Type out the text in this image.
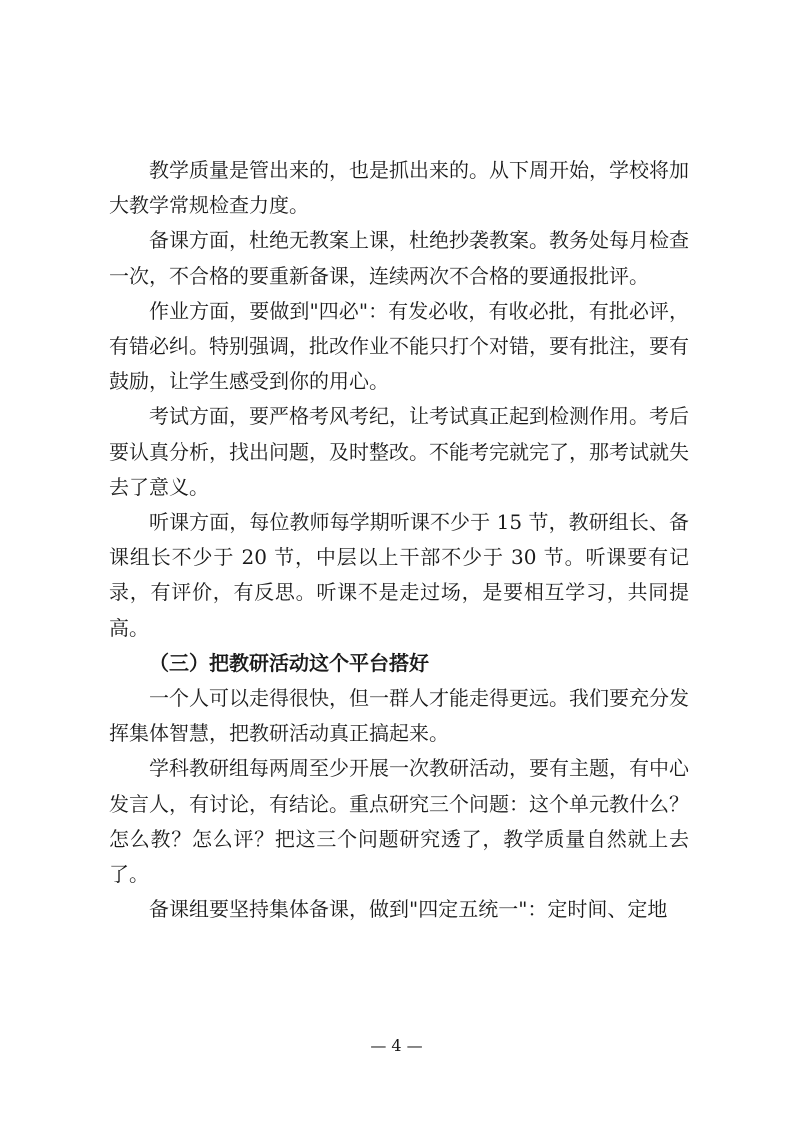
教学质量是管出来的，也是抓出来的。从下周开始，学校将加大教学常规检查力度。

备课方面，杜绝无教案上课，杜绝抄袭教案。教务处每月检查一次，不合格的要重新备课，连续两次不合格的要通报批评。

作业方面，要做到"四必"：有发必收，有收必批，有批必评，有错必纠。特别强调，批改作业不能只打个对错，要有批注，要有鼓励，让学生感受到你的用心。

考试方面，要严格考风考纪，让考试真正起到检测作用。考后要认真分析，找出问题，及时整改。不能考完就完了，那考试就失去了意义。

听课方面，每位教师每学期听课不少于 15 节，教研组长、备课组长不少于 20 节，中层以上干部不少于 30 节。听课要有记录，有评价，有反思。听课不是走过场，是要相互学习，共同提高。

（三）把教研活动这个平台搭好

一个人可以走得很快，但一群人才能走得更远。我们要充分发挥集体智慧，把教研活动真正搞起来。

学科教研组每两周至少开展一次教研活动，要有主题，有中心发言人，有讨论，有结论。重点研究三个问题：这个单元教什么？怎么教？怎么评？把这三个问题研究透了，教学质量自然就上去了。

备课组要坚持集体备课，做到"四定五统一"：定时间、定地

— 4 —
